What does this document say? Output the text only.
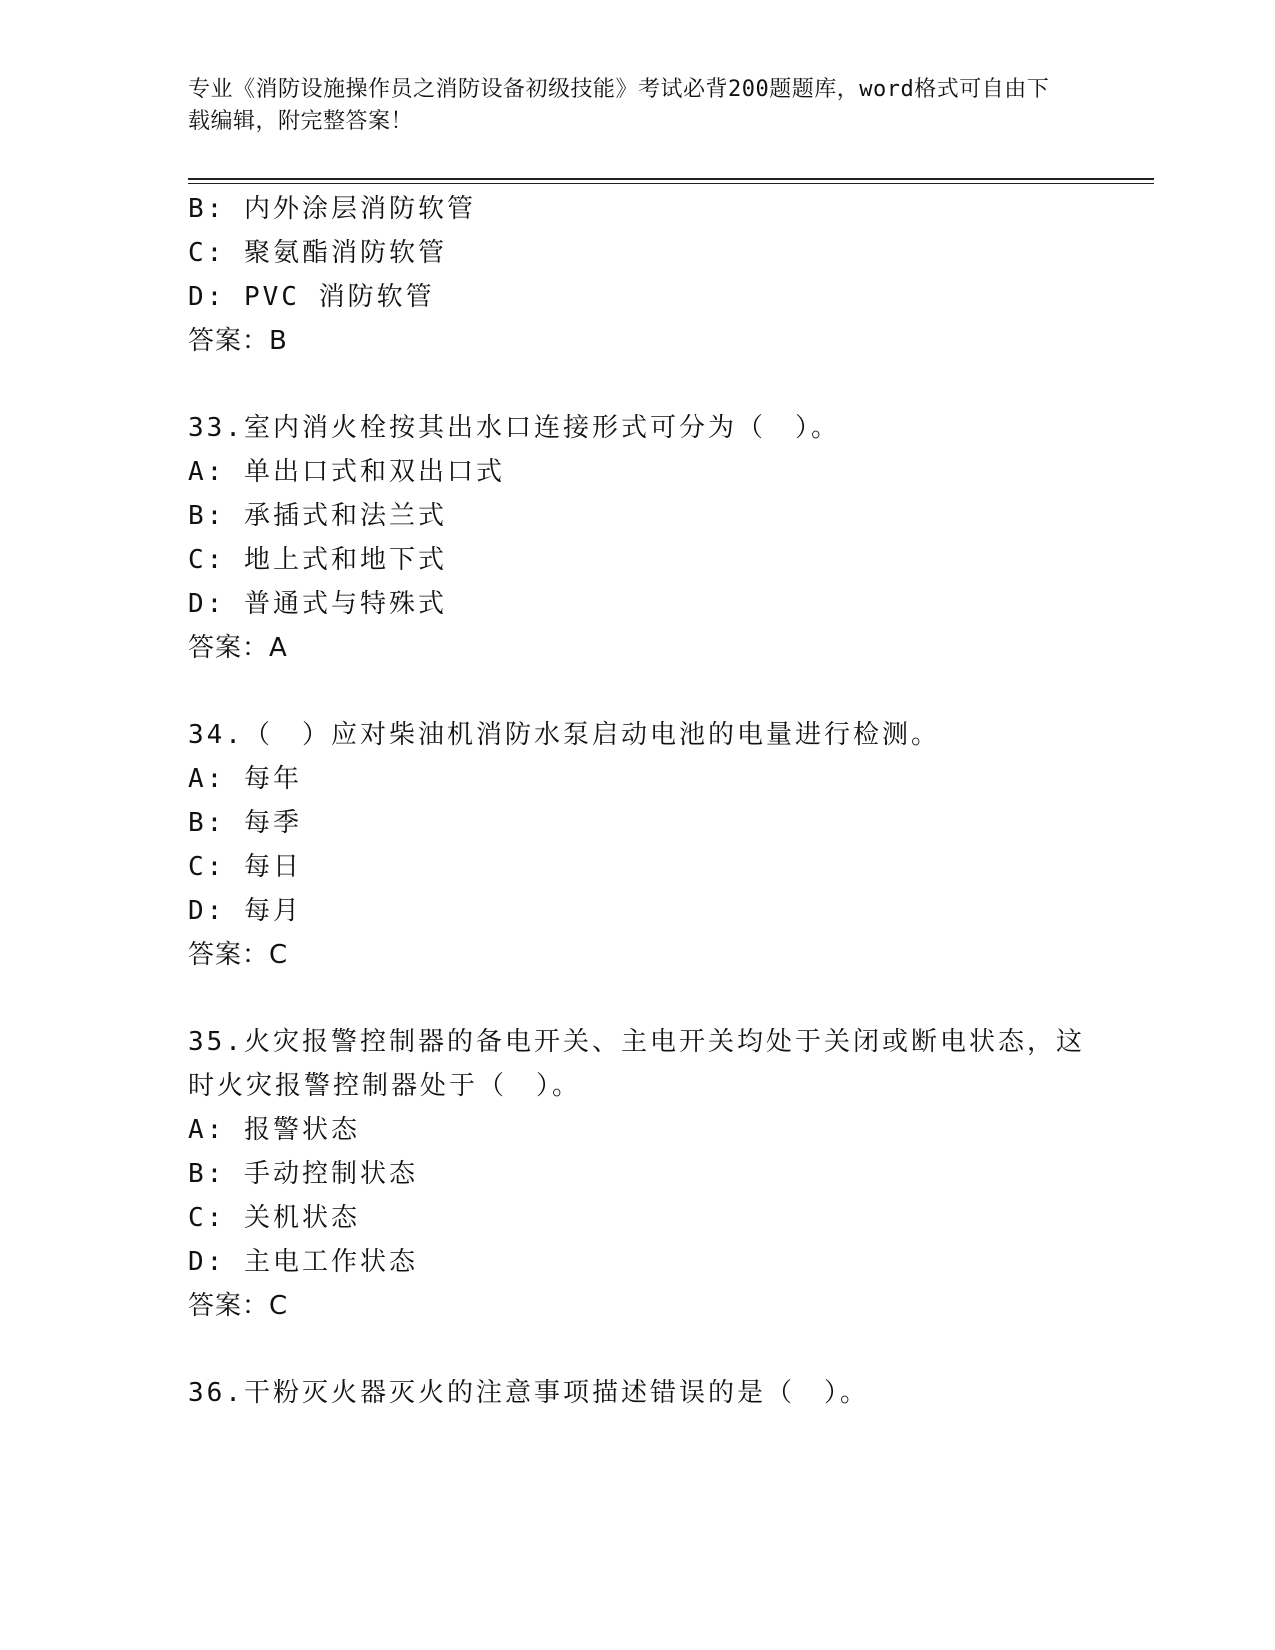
专业《消防设施操作员之消防设备初级技能》考试必背200题题库，word格式可自由下载编辑，附完整答案！
B: 内外涂层消防软管
C: 聚氨酯消防软管
D: PVC 消防软管
答案：B
33.室内消火栓按其出水口连接形式可分为（　）。
A: 单出口式和双出口式
B: 承插式和法兰式
C: 地上式和地下式
D: 普通式与特殊式
答案：A
34.（　）应对柴油机消防水泵启动电池的电量进行检测。
A: 每年
B: 每季
C: 每日
D: 每月
答案：C
35.火灾报警控制器的备电开关、主电开关均处于关闭或断电状态，这
时火灾报警控制器处于（　）。
A: 报警状态
B: 手动控制状态
C: 关机状态
D: 主电工作状态
答案：C
36.干粉灭火器灭火的注意事项描述错误的是（　）。
